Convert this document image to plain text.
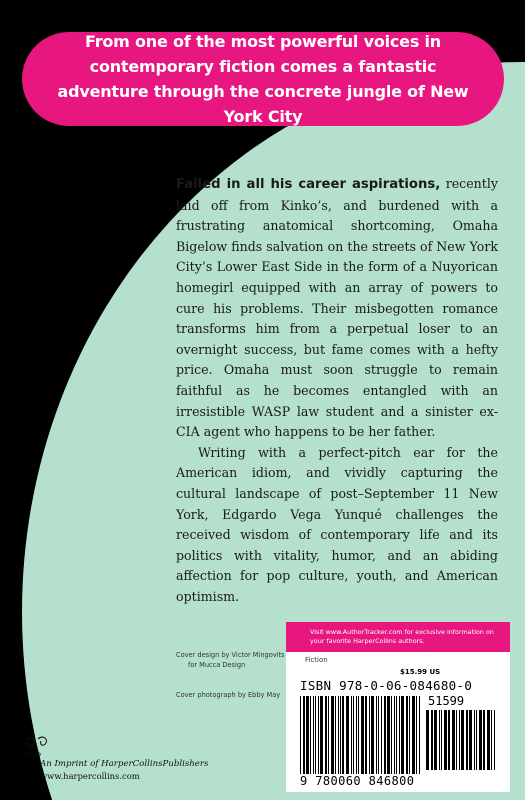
From one of the most powerful voices in contemporary fiction comes a fantastic adventure through the concrete jungle of New York City

Failed in all his career aspirations, recently laid off from Kinko’s, and burdened with a frustrating anatomical shortcoming, Omaha Bigelow finds salvation on the streets of New York City’s Lower East Side in the form of a Nuyorican homegirl equipped with an array of powers to cure his problems. Their misbegotten romance transforms him from a perpetual loser to an overnight success, but fame comes with a hefty price. Omaha must soon struggle to remain faithful as he becomes entangled with an irresistible WASP law student and a sinister ex-CIA agent who happens to be her father.

Writing with a perfect-pitch ear for the American idiom, and vividly capturing the cultural landscape of post–September 11 New York, Edgardo Vega Yunqué challenges the received wisdom of contemporary life and its politics with vitality, humor, and an abiding affection for pop culture, youth, and American optimism.

Cover design by Victor Mingovits
for Mucca Design
Cover photograph by Ebby May
Visit www.AuthorTracker.com for exclusive information on your favorite HarperCollins authors.
Fiction
$15.99 US
ISBN 978-0-06-084680-0
51599
9 780060 846800
rayo
An Imprint of HarperCollinsPublishers
www.harpercollins.com
